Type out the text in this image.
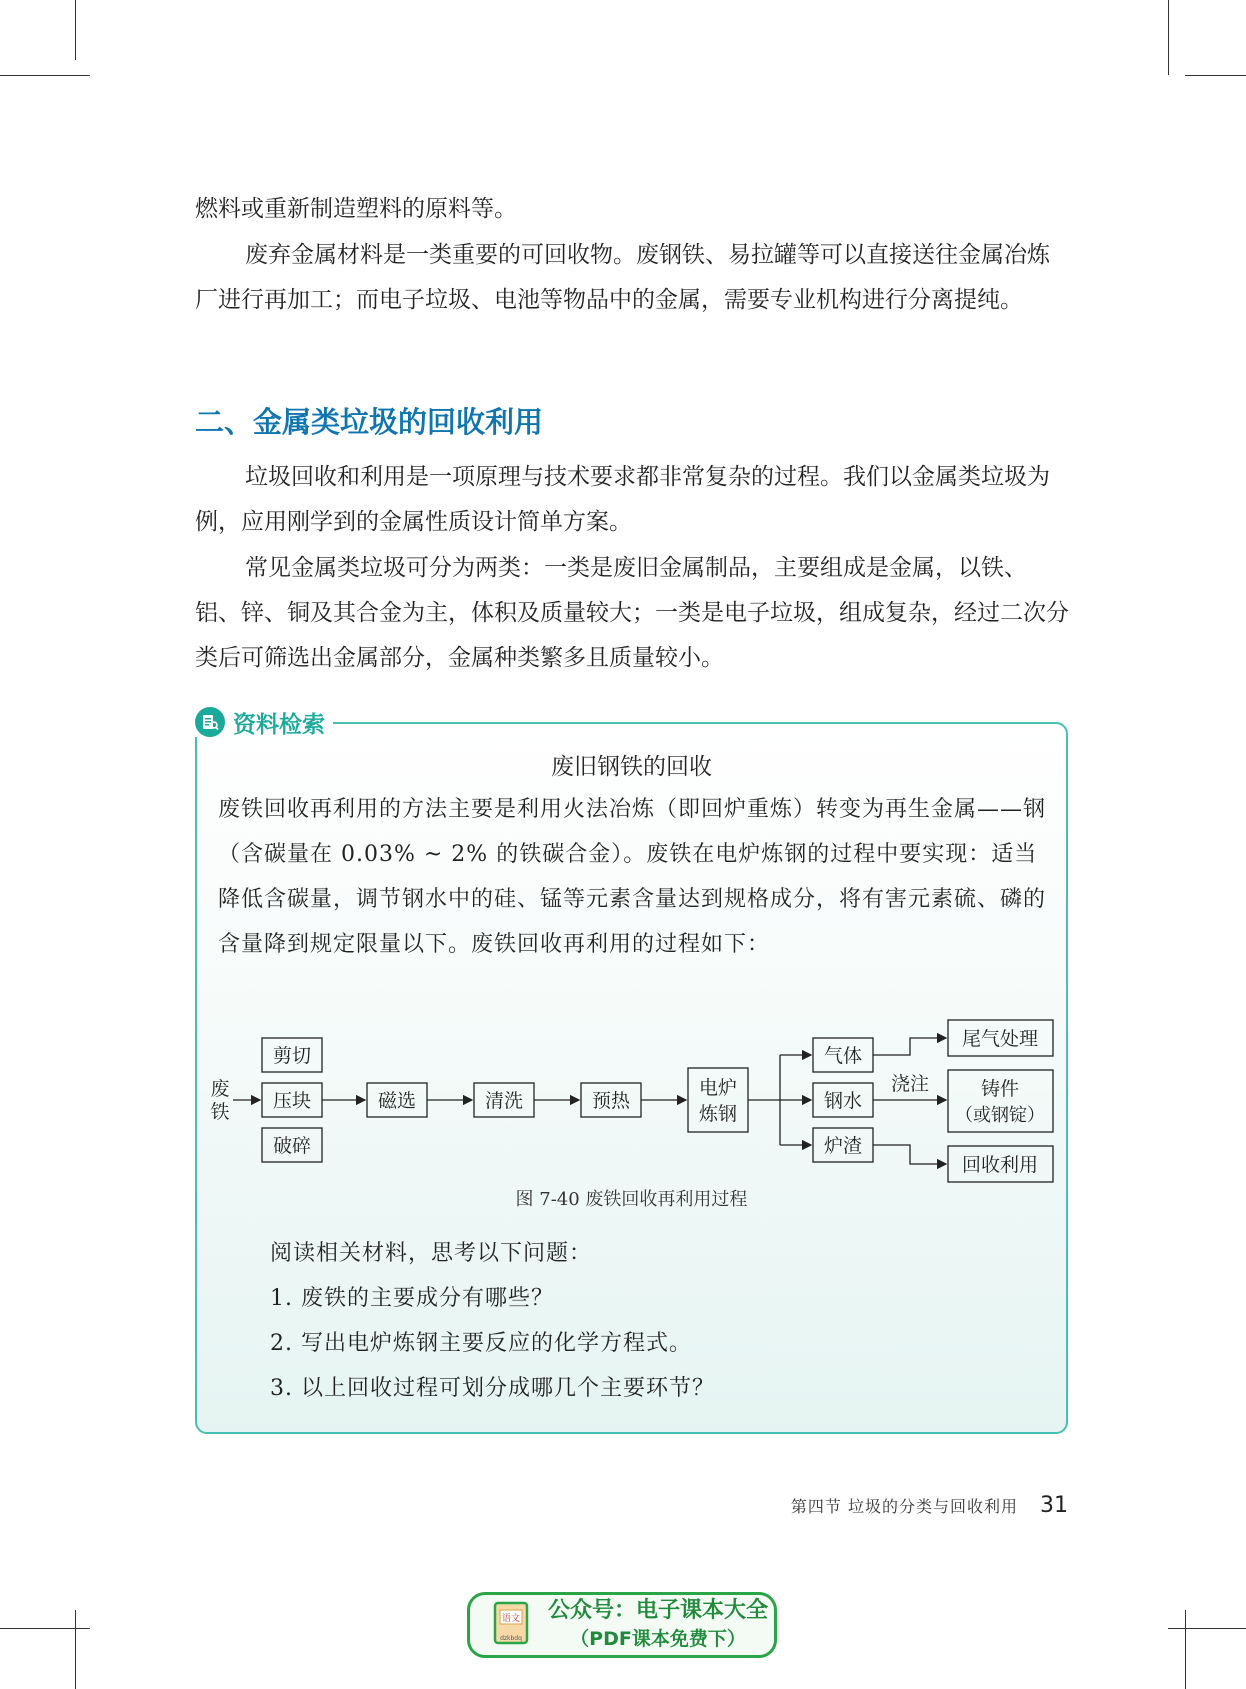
燃料或重新制造塑料的原料等。

废弃金属材料是一类重要的可回收物。废钢铁、易拉罐等可以直接送往金属冶炼厂进行再加工；而电子垃圾、电池等物品中的金属，需要专业机构进行分离提纯。

二、金属类垃圾的回收利用

垃圾回收和利用是一项原理与技术要求都非常复杂的过程。我们以金属类垃圾为例，应用刚学到的金属性质设计简单方案。

常见金属类垃圾可分为两类：一类是废旧金属制品，主要组成是金属，以铁、铝、锌、铜及其合金为主，体积及质量较大；一类是电子垃圾，组成复杂，经过二次分类后可筛选出金属部分，金属种类繁多且质量较小。

资料检索
废旧钢铁的回收

废铁回收再利用的方法主要是利用火法冶炼（即回炉重炼）转变为再生金属——钢（含碳量在 0.03% ~ 2% 的铁碳合金）。废铁在电炉炼钢的过程中要实现：适当降低含碳量，调节钢水中的硅、锰等元素含量达到规格成分，将有害元素硫、磷的含量降到规定限量以下。废铁回收再利用的过程如下：

废
铁
剪切
压块
破碎
磁选	清洗	预热
电炉
炼钢
气体
钢水
炉渣
浇注
尾气处理
铸件
（或钢锭）
回收利用
图 7-40 废铁回收再利用过程
阅读相关材料，思考以下问题：
1. 废铁的主要成分有哪些？
2. 写出电炉炼钢主要反应的化学方程式。
3. 以上回收过程可划分成哪几个主要环节？
第四节 垃圾的分类与回收利用 31
语文
dzkbdq
公众号：电子课本大全
（PDF课本免费下）
